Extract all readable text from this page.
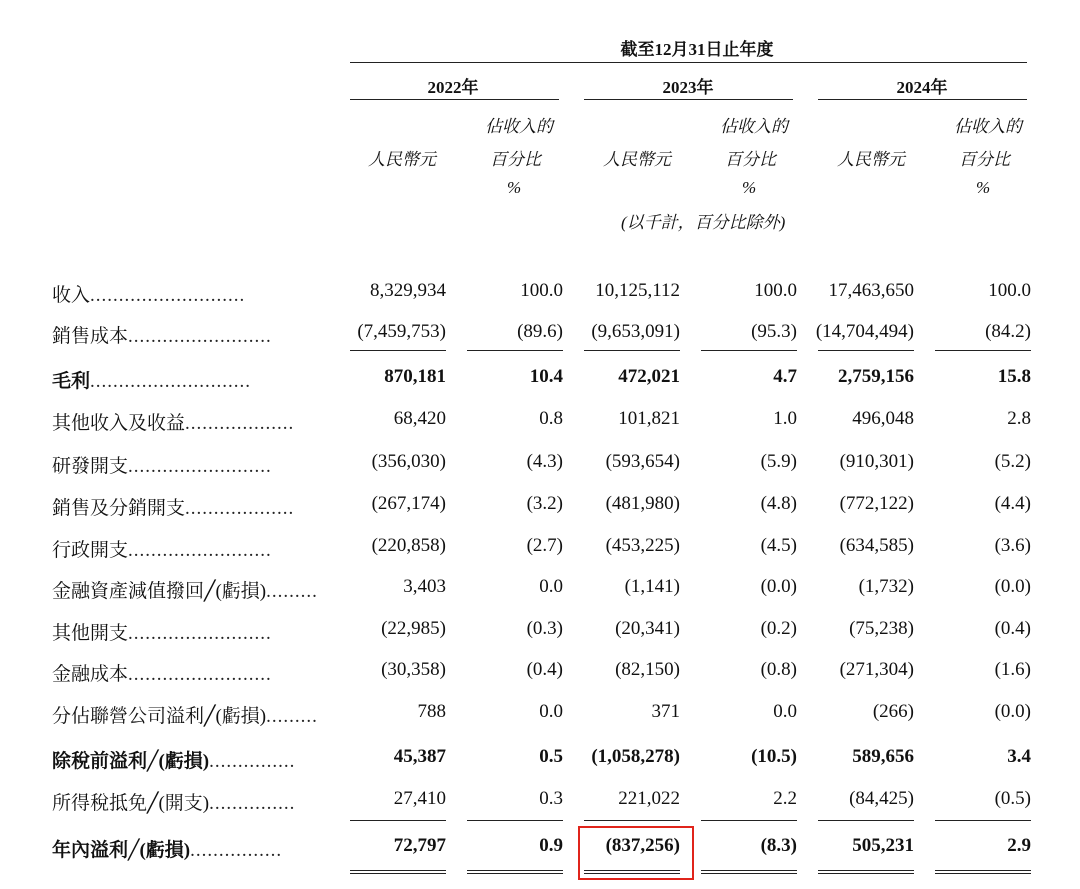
截至12月31日止年度
2022年	2023年	2024年
佔收入的
人民幣元	百分比
%
佔收入的
人民幣元	百分比
%
佔收入的
人民幣元	百分比
%
(以千計，百分比除外)
收入...........................	8,329,934	100.0	10,125,112	100.0	17,463,650	100.0
銷售成本.........................	(7,459,753)	(89.6)	(9,653,091)	(95.3) (14,704,494)	(84.2)
毛利............................	870,181	10.4	472,021	4.7	2,759,156	15.8
其他收入及收益...................	68,420	0.8	101,821	1.0	496,048	2.8
研發開支.........................	(356,030)	(4.3)	(593,654)	(5.9)	(910,301)	(5.2)
銷售及分銷開支...................	(267,174)	(3.2)	(481,980)	(4.8)	(772,122)	(4.4)
行政開支.........................	(220,858)	(2.7)	(453,225)	(4.5)	(634,585)	(3.6)
金融資產減值撥回╱(虧損).........	3,403	0.0	(1,141)	(0.0)	(1,732)	(0.0)
其他開支.........................	(22,985)	(0.3)	(20,341)	(0.2)	(75,238)	(0.4)
金融成本.........................	(30,358)	(0.4)	(82,150)	(0.8)	(271,304)	(1.6)
分佔聯營公司溢利╱(虧損).........	788	0.0	371	0.0	(266)	(0.0)
除稅前溢利╱(虧損)...............	45,387	0.5	(1,058,278)	(10.5)	589,656	3.4
所得稅抵免╱(開支)...............	27,410	0.3	221,022	2.2	(84,425)	(0.5)
年內溢利╱(虧損)................	72,797	0.9	(837,256)	(8.3)	505,231	2.9
